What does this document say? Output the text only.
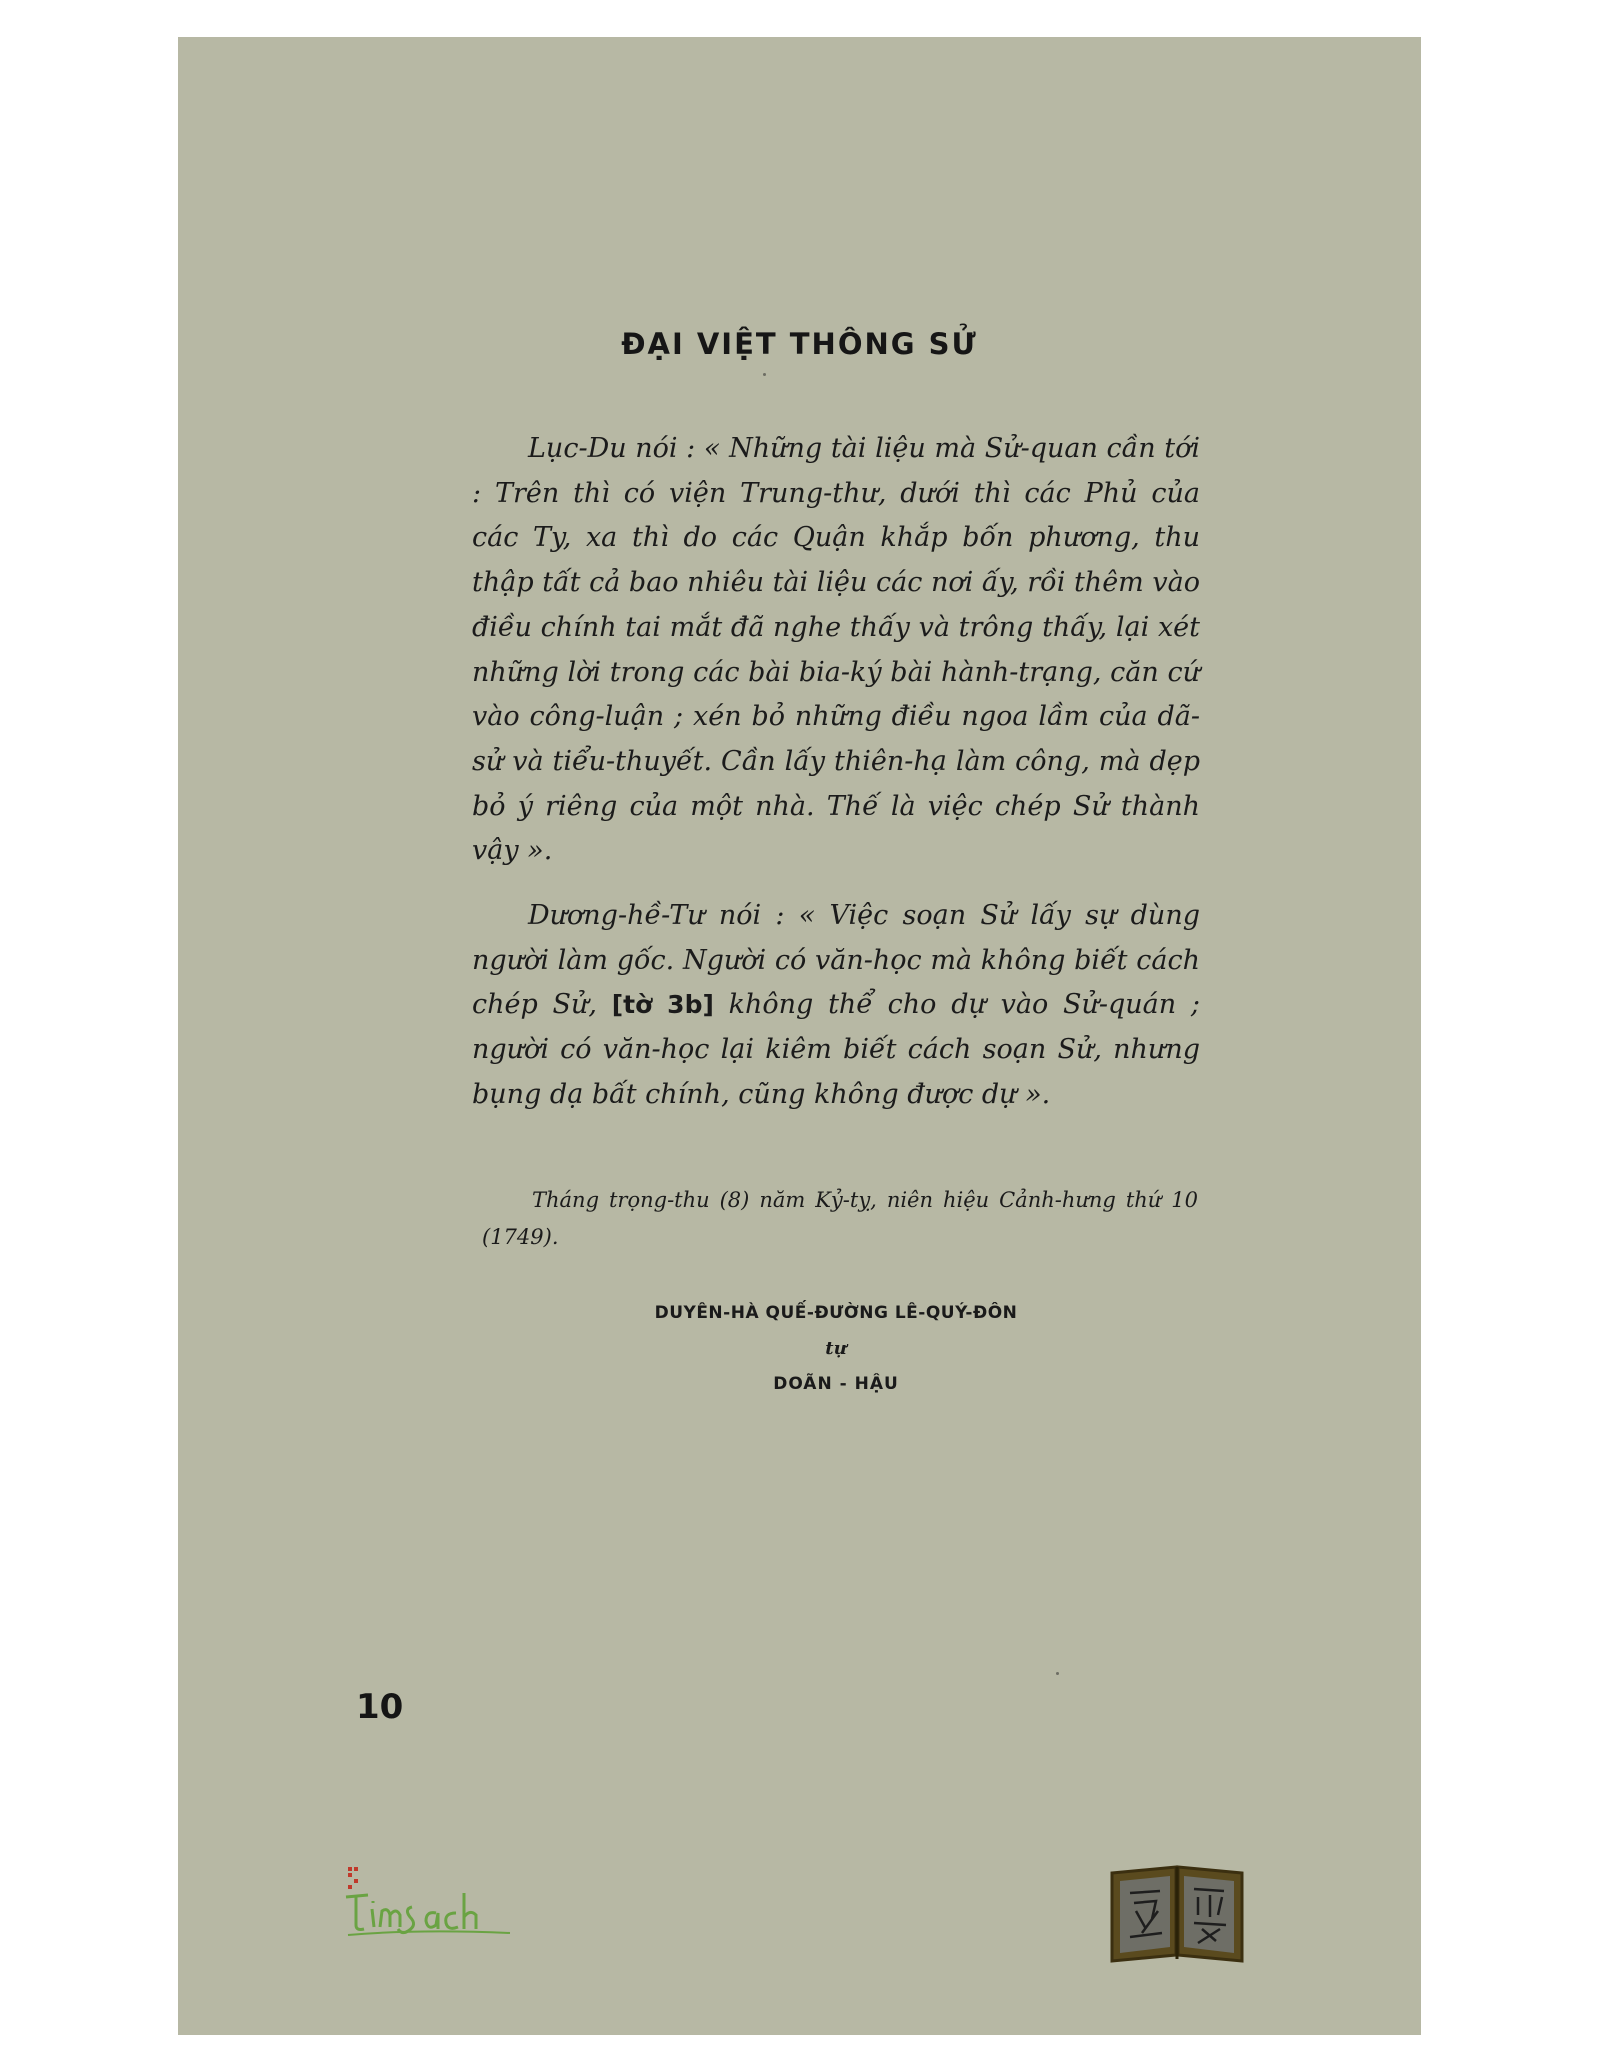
ĐẠI VIỆT THÔNG SỬ

Lục-Du nói : « Những tài liệu mà Sử-quan cần tới : Trên thì có viện Trung-thư, dưới thì các Phủ của các Ty, xa thì do các Quận khắp bốn phương, thu thập tất cả bao nhiêu tài liệu các nơi ấy, rồi thêm vào điều chính tai mắt đã nghe thấy và trông thấy, lại xét những lời trong các bài bia-ký bài hành-trạng, căn cứ vào công-luận ; xén bỏ những điều ngoa lầm của dã-sử và tiểu-thuyết. Cần lấy thiên-hạ làm công, mà dẹp bỏ ý riêng của một nhà. Thế là việc chép Sử thành vậy ».

Dương-hề-Tư nói : « Việc soạn Sử lấy sự dùng người làm gốc. Người có văn-học mà không biết cách chép Sử, [tờ 3b] không thể cho dự vào Sử-quán ; người có văn-học lại kiêm biết cách soạn Sử, nhưng bụng dạ bất chính, cũng không được dự ».

Tháng trọng-thu (8) năm Kỷ-tỵ, niên hiệu Cảnh-hưng thứ 10 (1749).

DUYÊN-HÀ QUẾ-ĐƯỜNG LÊ-QUÝ-ĐÔN
tự
DOÃN - HẬU
10
